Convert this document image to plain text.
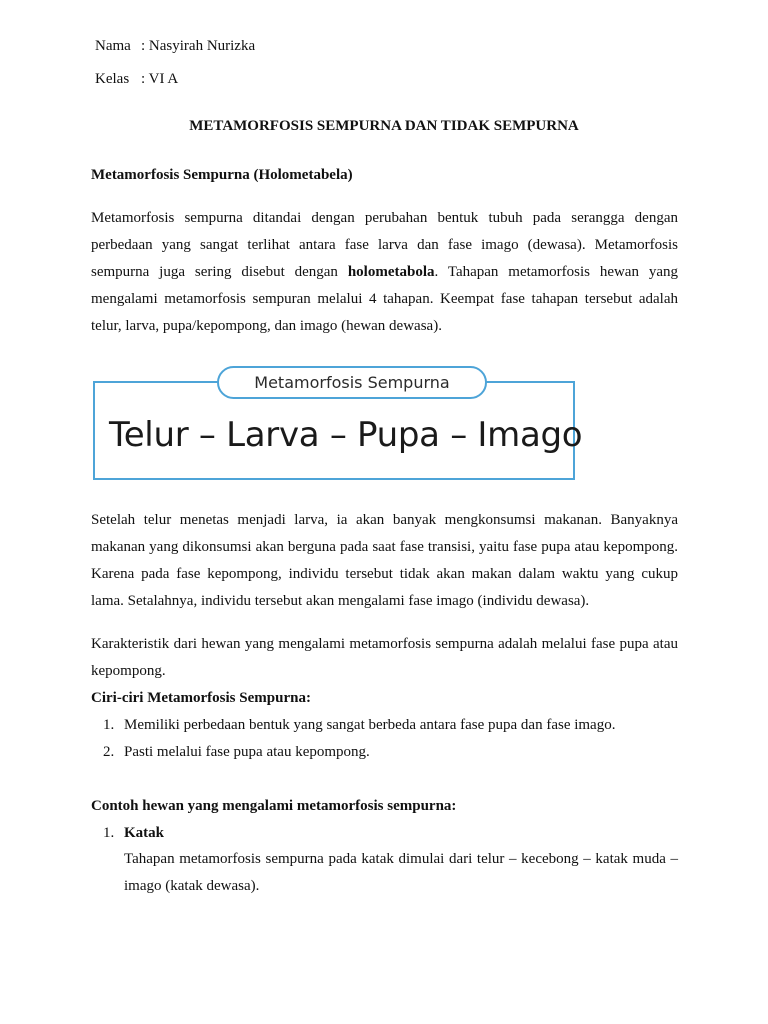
Nama : Nasyirah Nurizka
Kelas : VI A
METAMORFOSIS SEMPURNA DAN TIDAK SEMPURNA
Metamorfosis Sempurna (Holometabela)
Metamorfosis sempurna ditandai dengan perubahan bentuk tubuh pada serangga dengan
perbedaan yang sangat terlihat antara fase larva dan fase imago (dewasa). Metamorfosis
sempurna juga sering disebut dengan holometabola. Tahapan metamorfosis hewan yang
mengalami metamorfosis sempuran melalui 4 tahapan. Keempat fase tahapan tersebut adalah
telur, larva, pupa/kepompong, dan imago (hewan dewasa).
Metamorfosis Sempurna
Telur – Larva – Pupa – Imago
Setelah telur menetas menjadi larva, ia akan banyak mengkonsumsi makanan. Banyaknya
makanan yang dikonsumsi akan berguna pada saat fase transisi, yaitu fase pupa atau kepompong.
Karena pada fase kepompong, individu tersebut tidak akan makan dalam waktu yang cukup
lama. Setalahnya, individu tersebut akan mengalami fase imago (individu dewasa).
Karakteristik dari hewan yang mengalami metamorfosis sempurna adalah melalui fase pupa atau
kepompong.
Ciri-ciri Metamorfosis Sempurna:
1. Memiliki perbedaan bentuk yang sangat berbeda antara fase pupa dan fase imago.
2. Pasti melalui fase pupa atau kepompong.
Contoh hewan yang mengalami metamorfosis sempurna:
1. Katak
Tahapan metamorfosis sempurna pada katak dimulai dari telur – kecebong – katak muda –
imago (katak dewasa).
